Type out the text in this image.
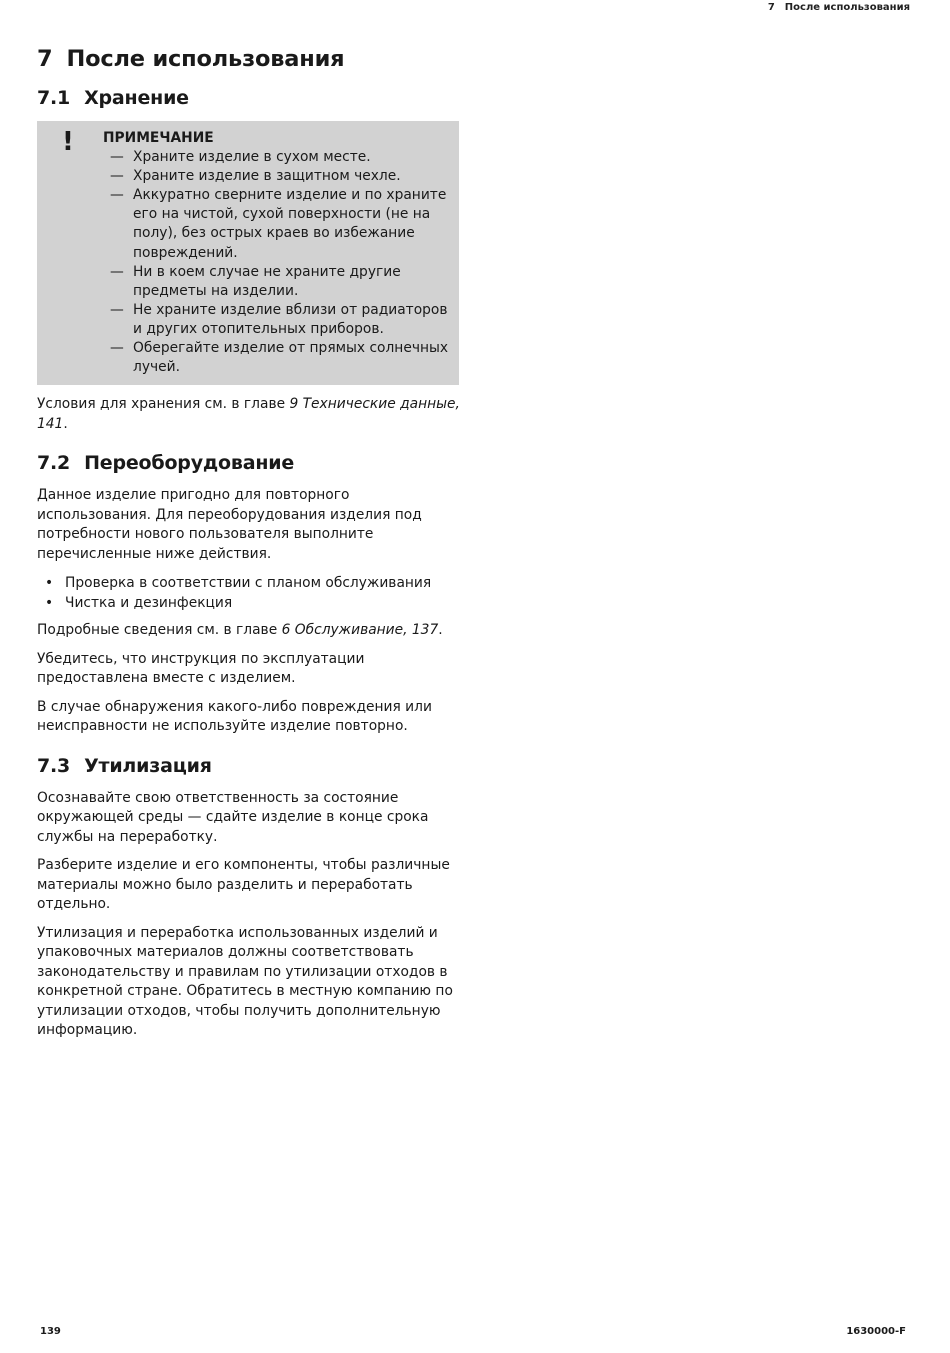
7 После использования
7 После использования
7.1 Хранение
! ПРИМЕЧАНИЕ
— Храните изделие в сухом месте.
— Храните изделие в защитном чехле.
— Аккуратно сверните изделие и по храните его на чистой, сухой поверхности (не на полу), без острых краев во избежание повреждений.
— Ни в коем случае не храните другие предметы на изделии.
— Не храните изделие вблизи от радиаторов и других отопительных приборов.
— Оберегайте изделие от прямых солнечных лучей.

Условия для хранения см. в главе 9 Технические данные, 141.

7.2 Переоборудование

Данное изделие пригодно для повторного использования. Для переоборудования изделия под потребности нового пользователя выполните перечисленные ниже действия.

• Проверка в соответствии с планом обслуживания
• Чистка и дезинфекция

Подробные сведения см. в главе 6 Обслуживание, 137.

Убедитесь, что инструкция по эксплуатации предоставлена вместе с изделием.

В случае обнаружения какого-либо повреждения или неисправности не используйте изделие повторно.

7.3 Утилизация

Осознавайте свою ответственность за состояние окружающей среды — сдайте изделие в конце срока службы на переработку.

Разберите изделие и его компоненты, чтобы различные материалы можно было разделить и переработать отдельно.

Утилизация и переработка использованных изделий и упаковочных материалов должны соответствовать законодательству и правилам по утилизации отходов в конкретной стране. Обратитесь в местную компанию по утилизации отходов, чтобы получить дополнительную информацию.

139	1630000-F
